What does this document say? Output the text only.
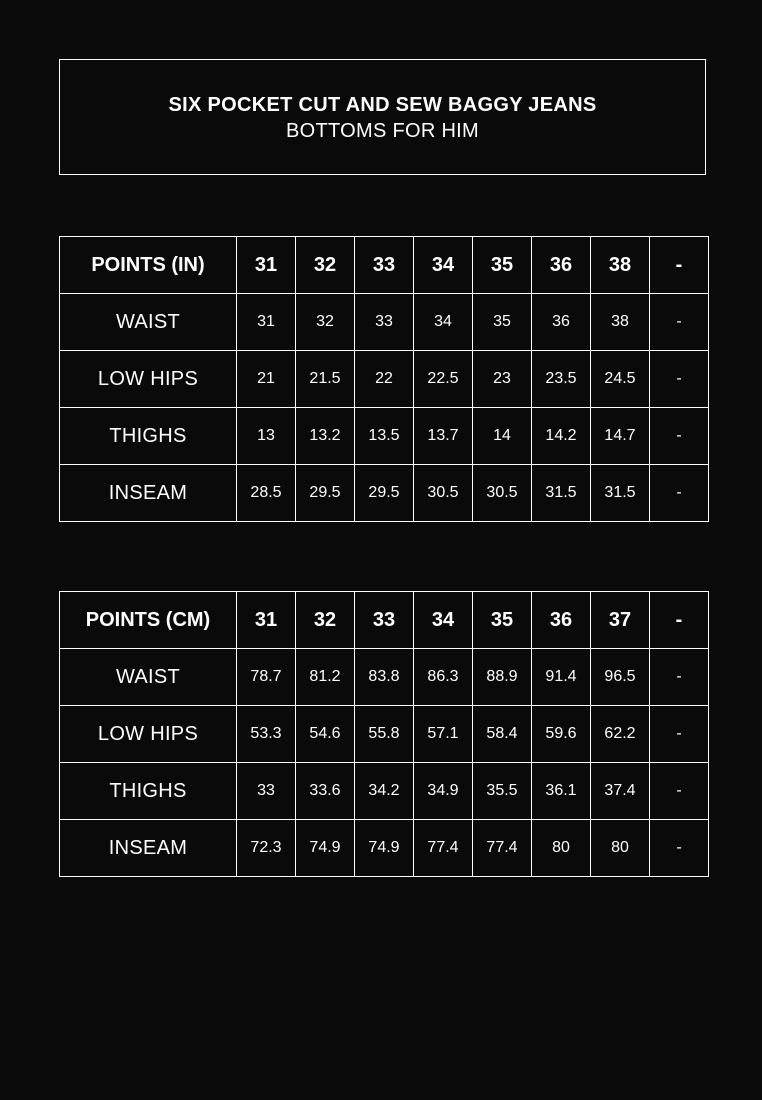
SIX POCKET CUT AND SEW BAGGY JEANS
BOTTOMS FOR HIM
POINTS (IN)	31	32	33	34	35	36	38	-
WAIST	31	32	33	34	35	36	38	-
LOW HIPS	21	21.5	22	22.5	23	23.5	24.5	-
THIGHS	13	13.2	13.5	13.7	14	14.2	14.7	-
INSEAM	28.5	29.5	29.5	30.5	30.5	31.5	31.5	-
POINTS (CM)	31	32	33	34	35	36	37	-
WAIST	78.7	81.2	83.8	86.3	88.9	91.4	96.5	-
LOW HIPS	53.3	54.6	55.8	57.1	58.4	59.6	62.2	-
THIGHS	33	33.6	34.2	34.9	35.5	36.1	37.4	-
INSEAM	72.3	74.9	74.9	77.4	77.4	80	80	-
